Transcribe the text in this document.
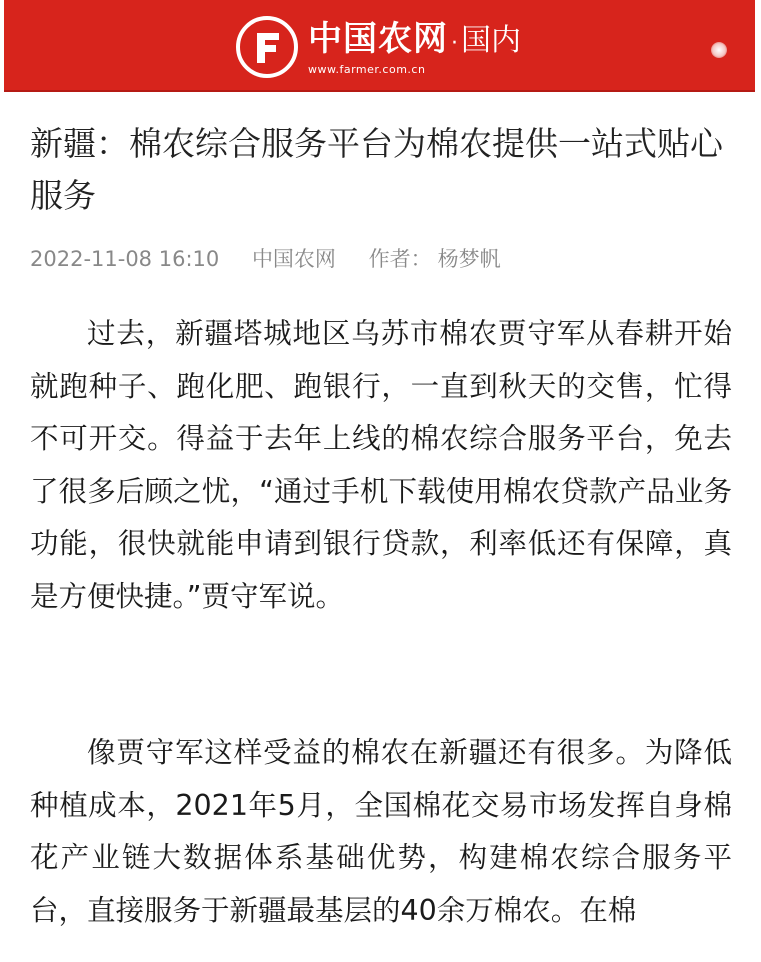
中国农网 · 国内
www.farmer.com.cn
新疆：棉农综合服务平台为棉农提供一站式贴心服务
2022-11-08 16:10 中国农网 作者： 杨梦帆

过去，新疆塔城地区乌苏市棉农贾守军从春耕开始就跑种子、跑化肥、跑银行，一直到秋天的交售，忙得不可开交。得益于去年上线的棉农综合服务平台，免去了很多后顾之忧，“通过手机下载使用棉农贷款产品业务功能，很快就能申请到银行贷款，利率低还有保障，真是方便快捷。”贾守军说。

像贾守军这样受益的棉农在新疆还有很多。为降低种植成本，2021年5月，全国棉花交易市场发挥自身棉花产业链大数据体系基础优势，构建棉农综合服务平台，直接服务于新疆最基层的40余万棉农。在棉
